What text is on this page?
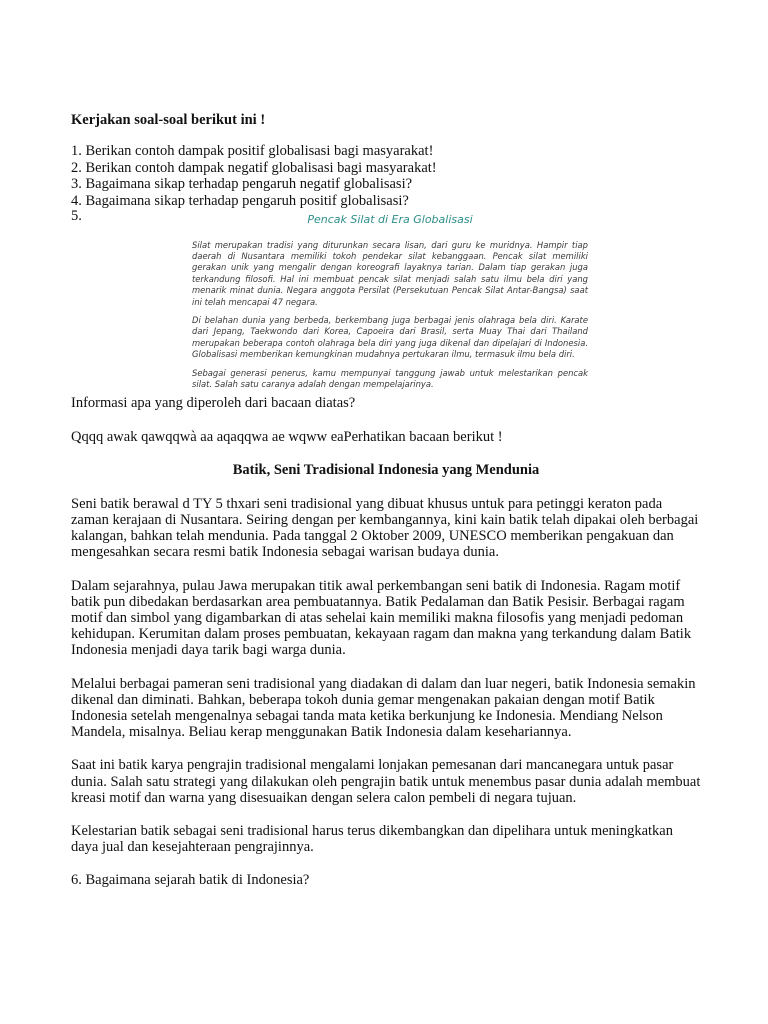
Kerjakan soal-soal berikut ini !

1. Berikan contoh dampak positif globalisasi bagi masyarakat!

2. Berikan contoh dampak negatif globalisasi bagi masyarakat!

3. Bagaimana sikap terhadap pengaruh negatif globalisasi?

4. Bagaimana sikap terhadap pengaruh positif globalisasi?

5.	Pencak Silat di Era Globalisasi

Silat merupakan tradisi yang diturunkan secara lisan, dari guru ke muridnya. Hampir tiap daerah di Nusantara memiliki tokoh pendekar silat kebanggaan. Pencak silat memiliki gerakan unik yang mengalir dengan koreografi layaknya tarian. Dalam tiap gerakan juga terkandung filosofi. Hal ini membuat pencak silat menjadi salah satu ilmu bela diri yang menarik minat dunia. Negara anggota Persilat (Persekutuan Pencak Silat Antar-Bangsa) saat ini telah mencapai 47 negara.

Di belahan dunia yang berbeda, berkembang juga berbagai jenis olahraga bela diri. Karate dari Jepang, Taekwondo dari Korea, Capoeira dari Brasil, serta Muay Thai dari Thailand merupakan beberapa contoh olahraga bela diri yang juga dikenal dan dipelajari di Indonesia. Globalisasi memberikan kemungkinan mudahnya pertukaran ilmu, termasuk ilmu bela diri.

Sebagai generasi penerus, kamu mempunyai tanggung jawab untuk melestarikan pencak silat. Salah satu caranya adalah dengan mempelajarinya.

Informasi apa yang diperoleh dari bacaan diatas?

Qqqq awak qawqqwà aa aqaqqwa ae wqww eaPerhatikan bacaan berikut !

Batik, Seni Tradisional Indonesia yang Mendunia

Seni batik berawal d TY 5 thxari seni tradisional yang dibuat khusus untuk para petinggi keraton pada zaman kerajaan di Nusantara. Seiring dengan per kembangannya, kini kain batik telah dipakai oleh berbagai kalangan, bahkan telah mendunia. Pada tanggal 2 Oktober 2009, UNESCO memberikan pengakuan dan mengesahkan secara resmi batik Indonesia sebagai warisan budaya dunia.

Dalam sejarahnya, pulau Jawa merupakan titik awal perkembangan seni batik di Indonesia. Ragam motif batik pun dibedakan berdasarkan area pembuatannya. Batik Pedalaman dan Batik Pesisir. Berbagai ragam motif dan simbol yang digambarkan di atas sehelai kain memiliki makna filosofis yang menjadi pedoman kehidupan. Kerumitan dalam proses pembuatan, kekayaan ragam dan makna yang terkandung dalam Batik Indonesia menjadi daya tarik bagi warga dunia.

Melalui berbagai pameran seni tradisional yang diadakan di dalam dan luar negeri, batik Indonesia semakin dikenal dan diminati. Bahkan, beberapa tokoh dunia gemar mengenakan pakaian dengan motif Batik Indonesia setelah mengenalnya sebagai tanda mata ketika berkunjung ke Indonesia. Mendiang Nelson Mandela, misalnya. Beliau kerap menggunakan Batik Indonesia dalam kesehariannya.

Saat ini batik karya pengrajin tradisional mengalami lonjakan pemesanan dari mancanegara untuk pasar dunia. Salah satu strategi yang dilakukan oleh pengrajin batik untuk menembus pasar dunia adalah membuat kreasi motif dan warna yang disesuaikan dengan selera calon pembeli di negara tujuan.

Kelestarian batik sebagai seni tradisional harus terus dikembangkan dan dipelihara untuk meningkatkan daya jual dan kesejahteraan pengrajinnya.

6. Bagaimana sejarah batik di Indonesia?
